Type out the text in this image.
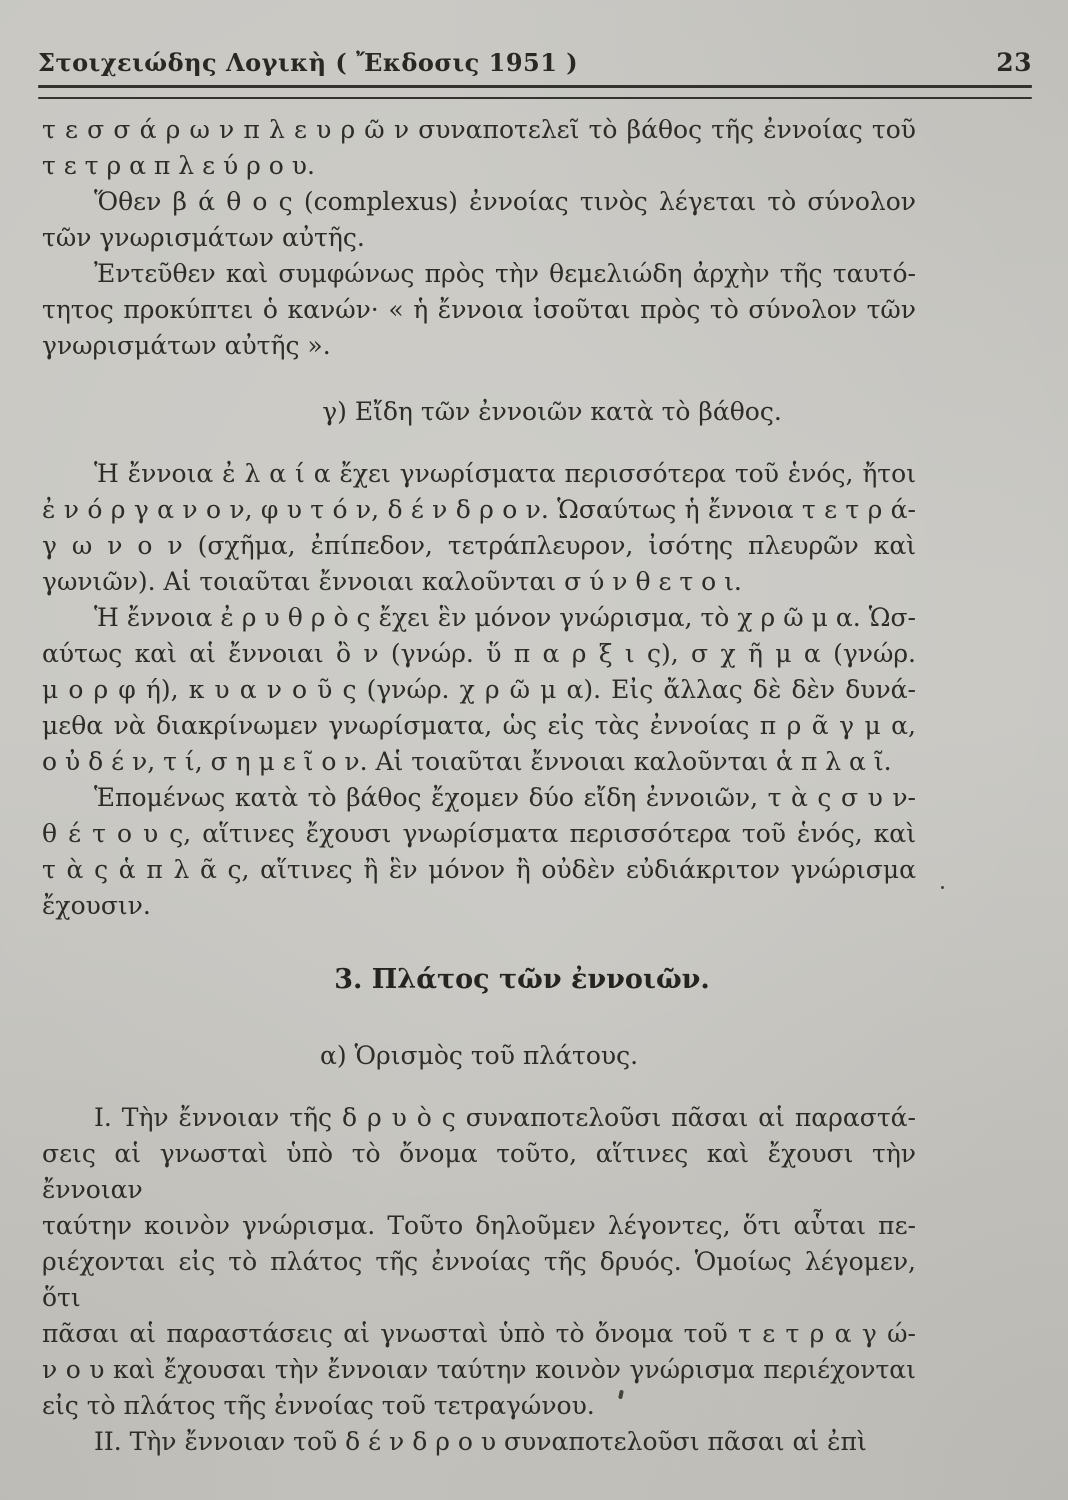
Στοιχειώδης Λογικὴ ( Ἔκδοσις 1951 )	23
τ ε σ σ ά ρ ω ν π λ ε υ ρ ῶ ν συναποτελεῖ τὸ βάθος τῆς ἐννοίας τοῦ
τ ε τ ρ α π λ ε ύ ρ ο υ.
Ὅθεν β ά θ ο ς (complexus) ἐννοίας τινὸς λέγεται τὸ σύνολον
τῶν γνωρισμάτων αὐτῆς.
Ἐντεῦθεν καὶ συμφώνως πρὸς τὴν θεμελιώδη ἀρχὴν τῆς ταυτό-
τητος προκύπτει ὁ κανών· « ἡ ἔννοια ἰσοῦται πρὸς τὸ σύνολον τῶν
γνωρισμάτων αὐτῆς ».
γ) Εἴδη τῶν ἐννοιῶν κατὰ τὸ βάθος.
Ἡ ἔννοια ἐ λ α ί α ἔχει γνωρίσματα περισσότερα τοῦ ἑνός, ἤτοι
ἐ ν ό ρ γ α ν ο ν, φ υ τ ό ν, δ έ ν δ ρ ο ν. Ὡσαύτως ἡ ἔννοια τ ε τ ρ ά-
γ ω ν ο ν (σχῆμα, ἐπίπεδον, τετράπλευρον, ἰσότης πλευρῶν καὶ
γωνιῶν). Αἱ τοιαῦται ἔννοιαι καλοῦνται σ ύ ν θ ε τ ο ι.
Ἡ ἔννοια ἐ ρ υ θ ρ ὸ ς ἔχει ἓν μόνον γνώρισμα, τὸ χ ρ ῶ μ α. Ὡσ-
αύτως καὶ αἱ ἔννοιαι ὂ ν (γνώρ. ὕ π α ρ ξ ι ς), σ χ ῆ μ α (γνώρ.
μ ο ρ φ ή), κ υ α ν ο ῦ ς (γνώρ. χ ρ ῶ μ α). Εἰς ἄλλας δὲ δὲν δυνά-
μεθα νὰ διακρίνωμεν γνωρίσματα, ὡς εἰς τὰς ἐννοίας π ρ ᾶ γ μ α,
ο ὐ δ έ ν, τ ί, σ η μ ε ῖ ο ν. Αἱ τοιαῦται ἔννοιαι καλοῦνται ἁ π λ α ῖ.
Ἑπομένως κατὰ τὸ βάθος ἔχομεν δύο εἴδη ἐννοιῶν, τ ὰ ς σ υ ν-
θ έ τ ο υ ς, αἵτινες ἔχουσι γνωρίσματα περισσότερα τοῦ ἑνός, καὶ
τ ὰ ς ἁ π λ ᾶ ς, αἵτινες ἢ ἓν μόνον ἢ οὐδὲν εὐδιάκριτον γνώρισμα
ἔχουσιν.
3. Πλάτος τῶν ἐννοιῶν.
α) Ὁρισμὸς τοῦ πλάτους.
I. Τὴν ἔννοιαν τῆς δ ρ υ ὸ ς συναποτελοῦσι πᾶσαι αἱ παραστά-
σεις αἱ γνωσταὶ ὑπὸ τὸ ὄνομα τοῦτο, αἵτινες καὶ ἔχουσι τὴν ἔννοιαν
ταύτην κοινὸν γνώρισμα. Τοῦτο δηλοῦμεν λέγοντες, ὅτι αὗται πε-
ριέχονται εἰς τὸ πλάτος τῆς ἐννοίας τῆς δρυός. Ὁμοίως λέγομεν, ὅτι
πᾶσαι αἱ παραστάσεις αἱ γνωσταὶ ὑπὸ τὸ ὄνομα τοῦ τ ε τ ρ α γ ώ-
ν ο υ καὶ ἔχουσαι τὴν ἔννοιαν ταύτην κοινὸν γνώρισμα περιέχονται
εἰς τὸ πλάτος τῆς ἐννοίας τοῦ τετραγώνου.
II. Τὴν ἔννοιαν τοῦ δ έ ν δ ρ ο υ συναποτελοῦσι πᾶσαι αἱ ἐπὶ
